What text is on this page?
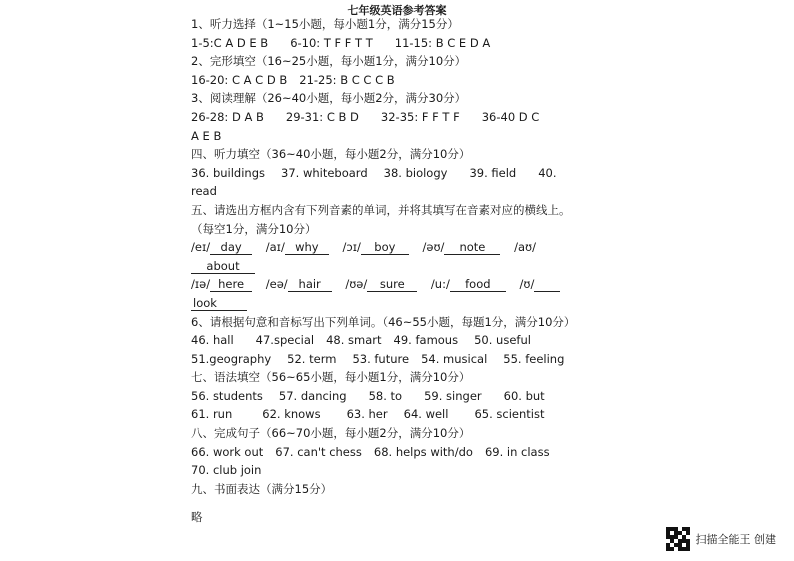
七年级英语参考答案
1、听力选择（1~15小题，每小题1分，满分15分）
1-5:C A D E B 6-10: T F F T T 11-15: B C E D A
2、完形填空（16~25小题，每小题1分，满分10分）
16-20: C A C D B 21-25: B C C C B
3、阅读理解（26~40小题，每小题2分，满分30分）
26-28: D A B 29-31: C B D 32-35: F F T F 36-40 D C
A E B
四、听力填空（36~40小题，每小题2分，满分10分）
36. buildings 37. whiteboard 38. biology 39. field 40.
read
五、请选出方框内含有下列音素的单词，并将其填写在音素对应的横线上。
（每空1分，满分10分）
/eɪ/ day /aɪ/ why /ɔɪ/ boy /əʊ/ note /aʊ/
about
/ɪə/ here /eə/ hair /ʊə/ sure /u:/ food	/ʊ/
look
6、请根据句意和音标写出下列单词。（46~55小题，每题1分，满分10分）
46. hall 47.special 48. smart 49. famous 50. useful
51.geography 52. term 53. future 54. musical 55. feeling
七、语法填空（56~65小题，每小题1分，满分10分）
56. students 57. dancing 58. to 59. singer 60. but
61. run	62. knows 63. her 64. well 65. scientist
八、完成句子（66~70小题，每小题2分，满分10分）
66. work out 67. can't chess 68. helps with/do 69. in class
70. club join
九、书面表达（满分15分）
略
扫描全能王 创建
